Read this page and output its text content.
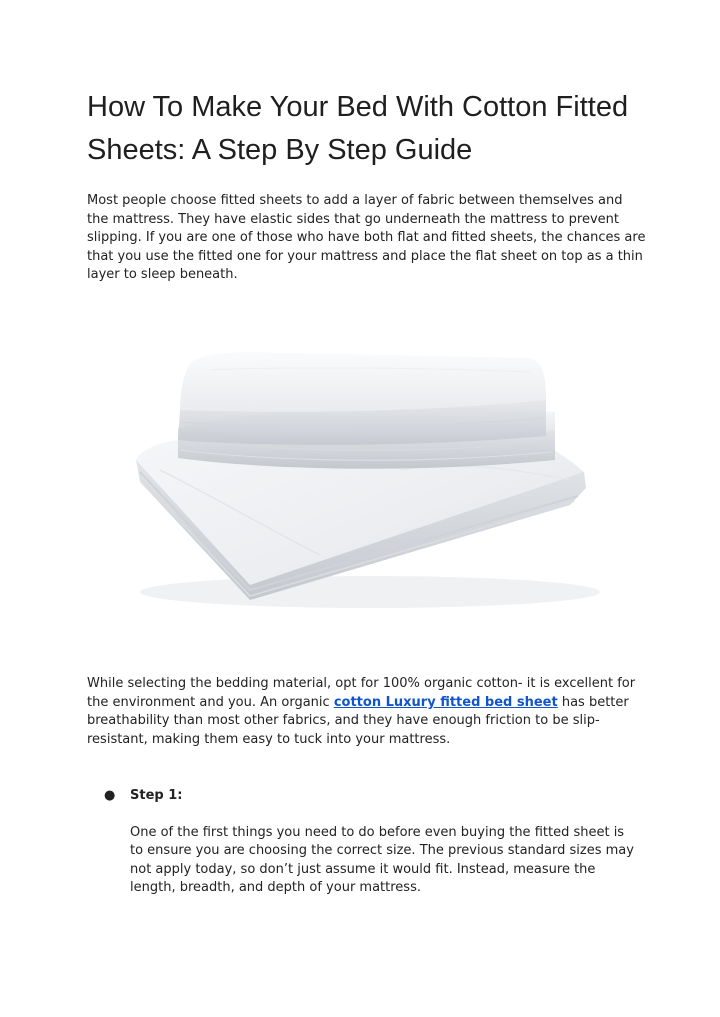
How To Make Your Bed With Cotton Fitted Sheets: A Step By Step Guide

Most people choose fitted sheets to add a layer of fabric between themselves and the mattress. They have elastic sides that go underneath the mattress to prevent slipping. If you are one of those who have both flat and fitted sheets, the chances are that you use the fitted one for your mattress and place the flat sheet on top as a thin layer to sleep beneath.

While selecting the bedding material, opt for 100% organic cotton- it is excellent for the environment and you. An organic cotton Luxury fitted bed sheet has better breathability than most other fabrics, and they have enough friction to be slip-resistant, making them easy to tuck into your mattress.

● Step 1:

One of the first things you need to do before even buying the fitted sheet is to ensure you are choosing the correct size. The previous standard sizes may not apply today, so don’t just assume it would fit. Instead, measure the length, breadth, and depth of your mattress.
